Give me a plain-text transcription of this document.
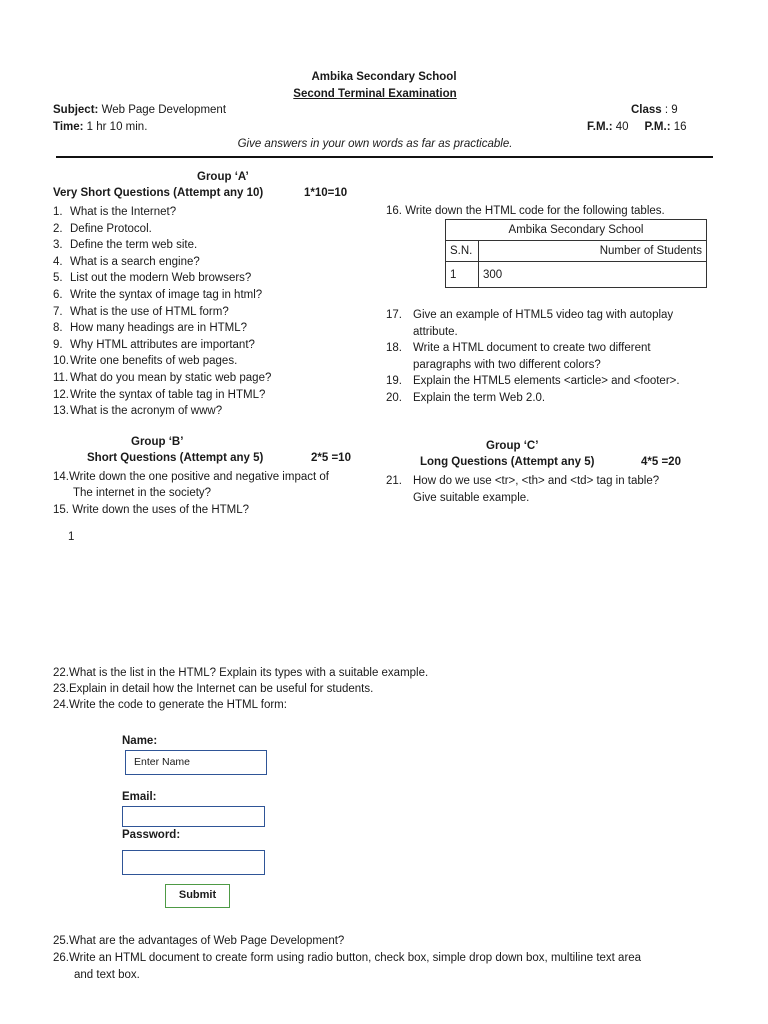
Ambika Secondary School
Second Terminal Examination
Subject: Web Page Development
Time: 1 hr 10 min.
Class : 9
F.M.: 40 P.M.: 16
Give answers in your own words as far as practicable.
Group ‘A’
Very Short Questions (Attempt any 10)	1*10=10
1. What is the Internet?
2. Define Protocol.
3. Define the term web site.
4. What is a search engine?
5. List out the modern Web browsers?
6. Write the syntax of image tag in html?
7. What is the use of HTML form?
8. How many headings are in HTML?
9. Why HTML attributes are important?
10.Write one benefits of web pages.
11. What do you mean by static web page?
12.Write the syntax of table tag in HTML?
13.What is the acronym of www?
16. Write down the HTML code for the following tables.
Ambika Secondary School	
S.N.	Number of Students
1	300
17. Give an example of HTML5 video tag with autoplay
attribute.
18. Write a HTML document to create two different
paragraphs with two different colors?
19. Explain the HTML5 elements <article> and <footer>.
20. Explain the term Web 2.0.
Group ‘B’
Short Questions (Attempt any 5)	2*5 =10
14.Write down the one positive and negative impact of
The internet in the society?
15. Write down the uses of the HTML?
Group ‘C’
Long Questions (Attempt any 5)	4*5 =20
21. How do we use <tr>, <th> and <td> tag in table?
Give suitable example.
1
22.What is the list in the HTML? Explain its types with a suitable example.
23.Explain in detail how the Internet can be useful for students.
24.Write the code to generate the HTML form:
Name:
Enter Name
Email:
Password:
Submit
25.What are the advantages of Web Page Development?
26.Write an HTML document to create form using radio button, check box, simple drop down box, multiline text area
and text box.
